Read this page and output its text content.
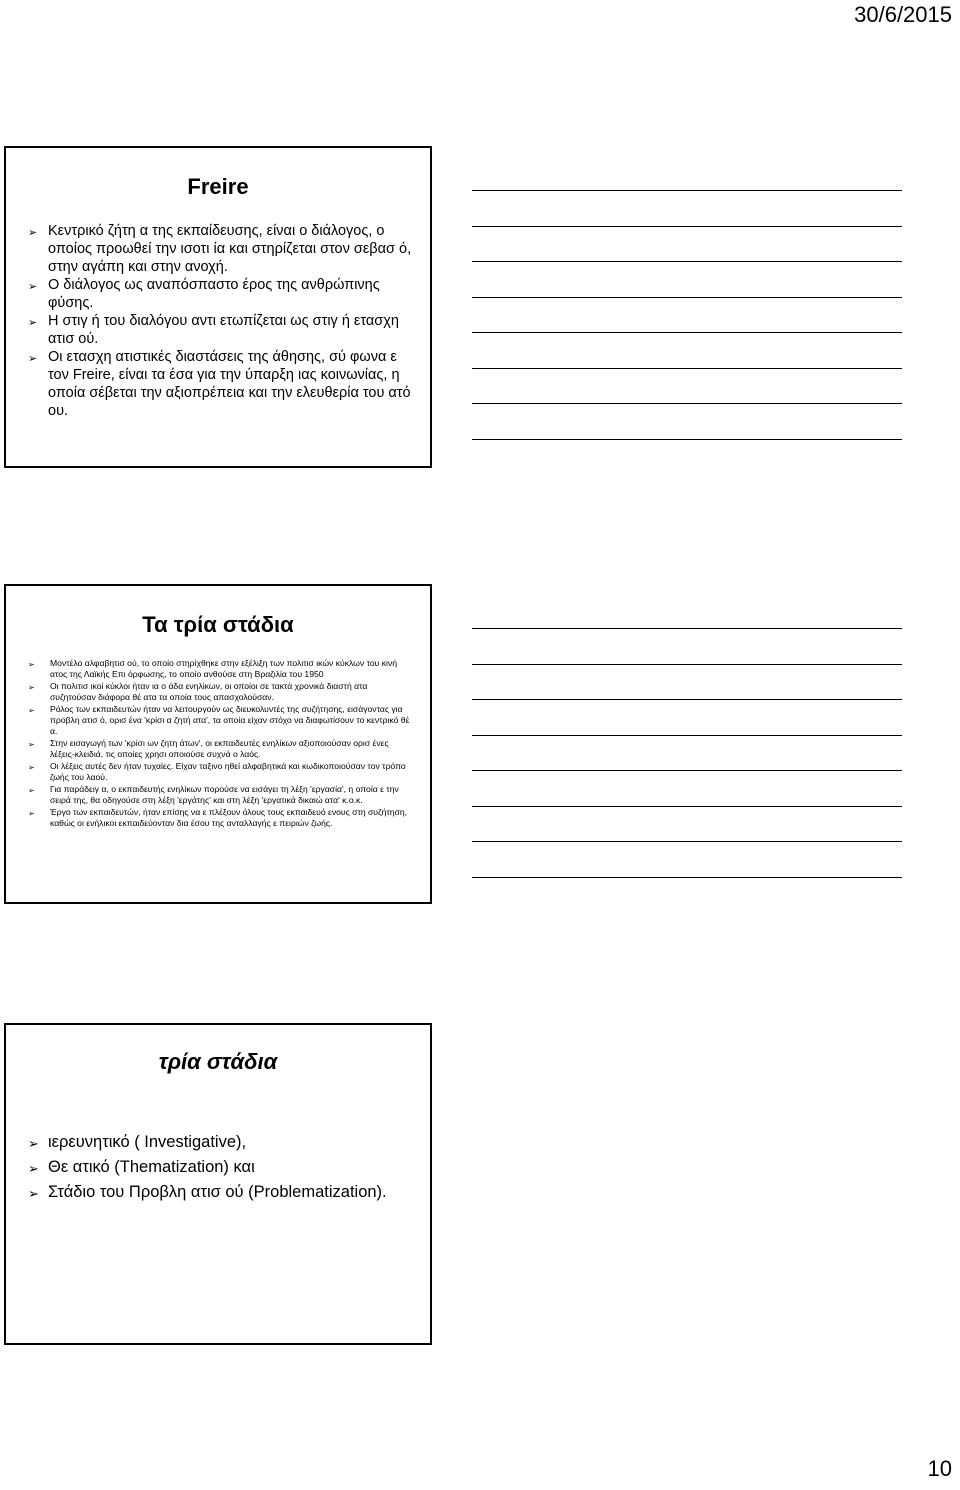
30/6/2015
Freire
➢ Κεντρικό ζήτη α της εκπαίδευσης, είναι ο διάλογος, ο οποίος προωθεί την ισοτι ία και στηρίζεται στον σεβασ ό, στην αγάπη και στην ανοχή.
➢ Ο διάλογος ως αναπόσπαστο έρος της ανθρώπινης φύσης.
➢ Η στιγ ή του διαλόγου αντι ετωπίζεται ως στιγ ή ετασχη ατισ ού.
➢ Οι ετασχη ατιστικές διαστάσεις της άθησης, σύ φωνα ε τον Freire, είναι τα έσα για την ύπαρξη ιας κοινωνίας, η οποία σέβεται την αξιοπρέπεια και την ελευθερία του ατό ου.
Τα τρία στάδια
➢ Μοντέλο αλφαβητισ ού, το οποίο στηρίχθηκε στην εξέλιξη των πολιτισ ικών κύκλων του κινή ατος της Λαϊκής Επι όρφωσης, το οποίο ανθούσε στη Βραζιλία του 1950
➢ Οι πολιτισ ικοί κύκλοι ήταν ια ο άδα ενηλίκων, οι οποίοι σε τακτά χρονικά διαστή ατα συζητούσαν διάφορα θέ ατα τα οποία τους απασχολούσαν.
➢ Ρόλος των εκπαιδευτών ήταν να λειτουργούν ως διευκολυντές της συζήτησης, εισάγοντας για προβλη ατισ ό, ορισ ένα 'κρίσι α ζητή ατα', τα οποία είχαν στόχο να διαφωτίσουν το κεντρικό θέ α.
➢ Στην εισαγωγή των 'κρίσι ων ζητη άτων', οι εκπαιδευτές ενηλίκων αξιοποιούσαν ορισ ένες λέξεις-κλειδιά, τις οποίες χρησι οποιούσε συχνά ο λαός.
➢ Οι λέξεις αυτές δεν ήταν τυχαίες. Είχαν ταξινο ηθεί αλφαβητικά και κωδικοποιούσαν τον τρόπο ζωής του λαού.
➢ Για παράδειγ α, ο εκπαιδευτής ενηλίκων πορούσε να εισάγει τη λέξη 'εργασία', η οποία ε την σειρά της, θα οδηγούσε στη λέξη 'εργάτης' και στη λέξη 'εργατικά δικαιώ ατα' κ.ο.κ.
➢ Έργο των εκπαιδευτών, ήταν επίσης να ε πλέξουν όλους τους εκπαιδευό ενους στη συζήτηση, καθώς οι ενήλικοι εκπαιδεύονταν δια έσου της ανταλλαγής ε πειριών ζωής.
τρία στάδια
➢ ιερευνητικό ( Investigative),
➢ Θε ατικό (Thematization) και
➢ Στάδιο του Προβλη ατισ ού (Problematization).
10
